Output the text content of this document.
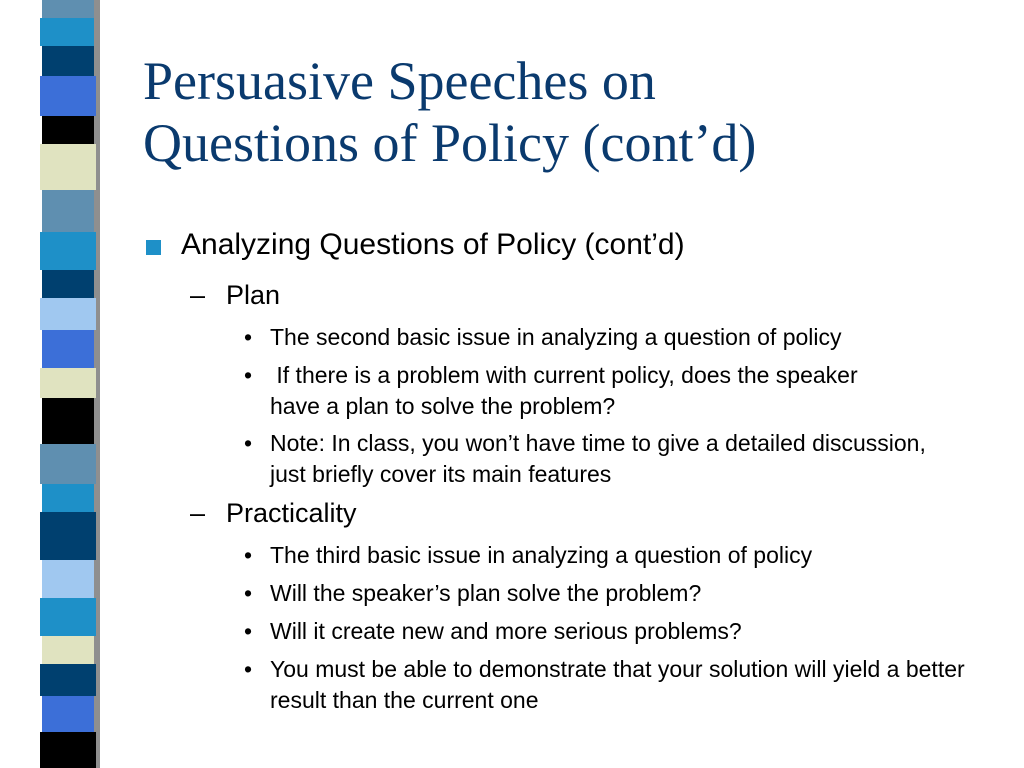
Persuasive Speeches on
Questions of Policy (cont’d)
Analyzing Questions of Policy (cont’d)
– Plan
• The second basic issue in analyzing a question of policy
• If there is a problem with current policy, does the speaker have a plan to solve the problem?
• Note: In class, you won’t have time to give a detailed discussion, just briefly cover its main features
– Practicality
• The third basic issue in analyzing a question of policy
• Will the speaker’s plan solve the problem?
• Will it create new and more serious problems?
• You must be able to demonstrate that your solution will yield a better result than the current one
